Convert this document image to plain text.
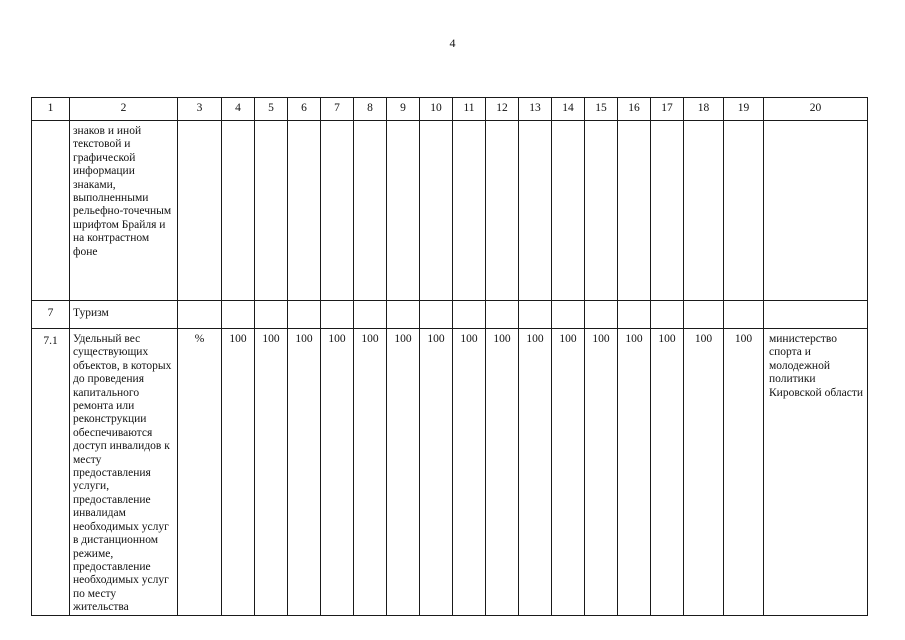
4
1	2	3	4	5	6	7	8	9	10	11	12	13	14	15	16	17	18	19	20

	знаков и иной текстовой и графической информации знаками, выполненными рельефно-точечным шрифтом Брайля и на контрастном фоне																		

7	Туризм																		

7.1	Удельный вес существующих объектов, в которых до проведения капитального ремонта или реконструкции обеспечиваются доступ инвалидов к месту предоставления услуги, предоставление инвалидам необходимых услуг в дистанционном режиме, предоставление необходимых услуг по месту жительства	%	100	100	100	100	100	100	100	100	100	100	100	100	100	100	100	100	министерство спорта и молодежной политики Кировской области
